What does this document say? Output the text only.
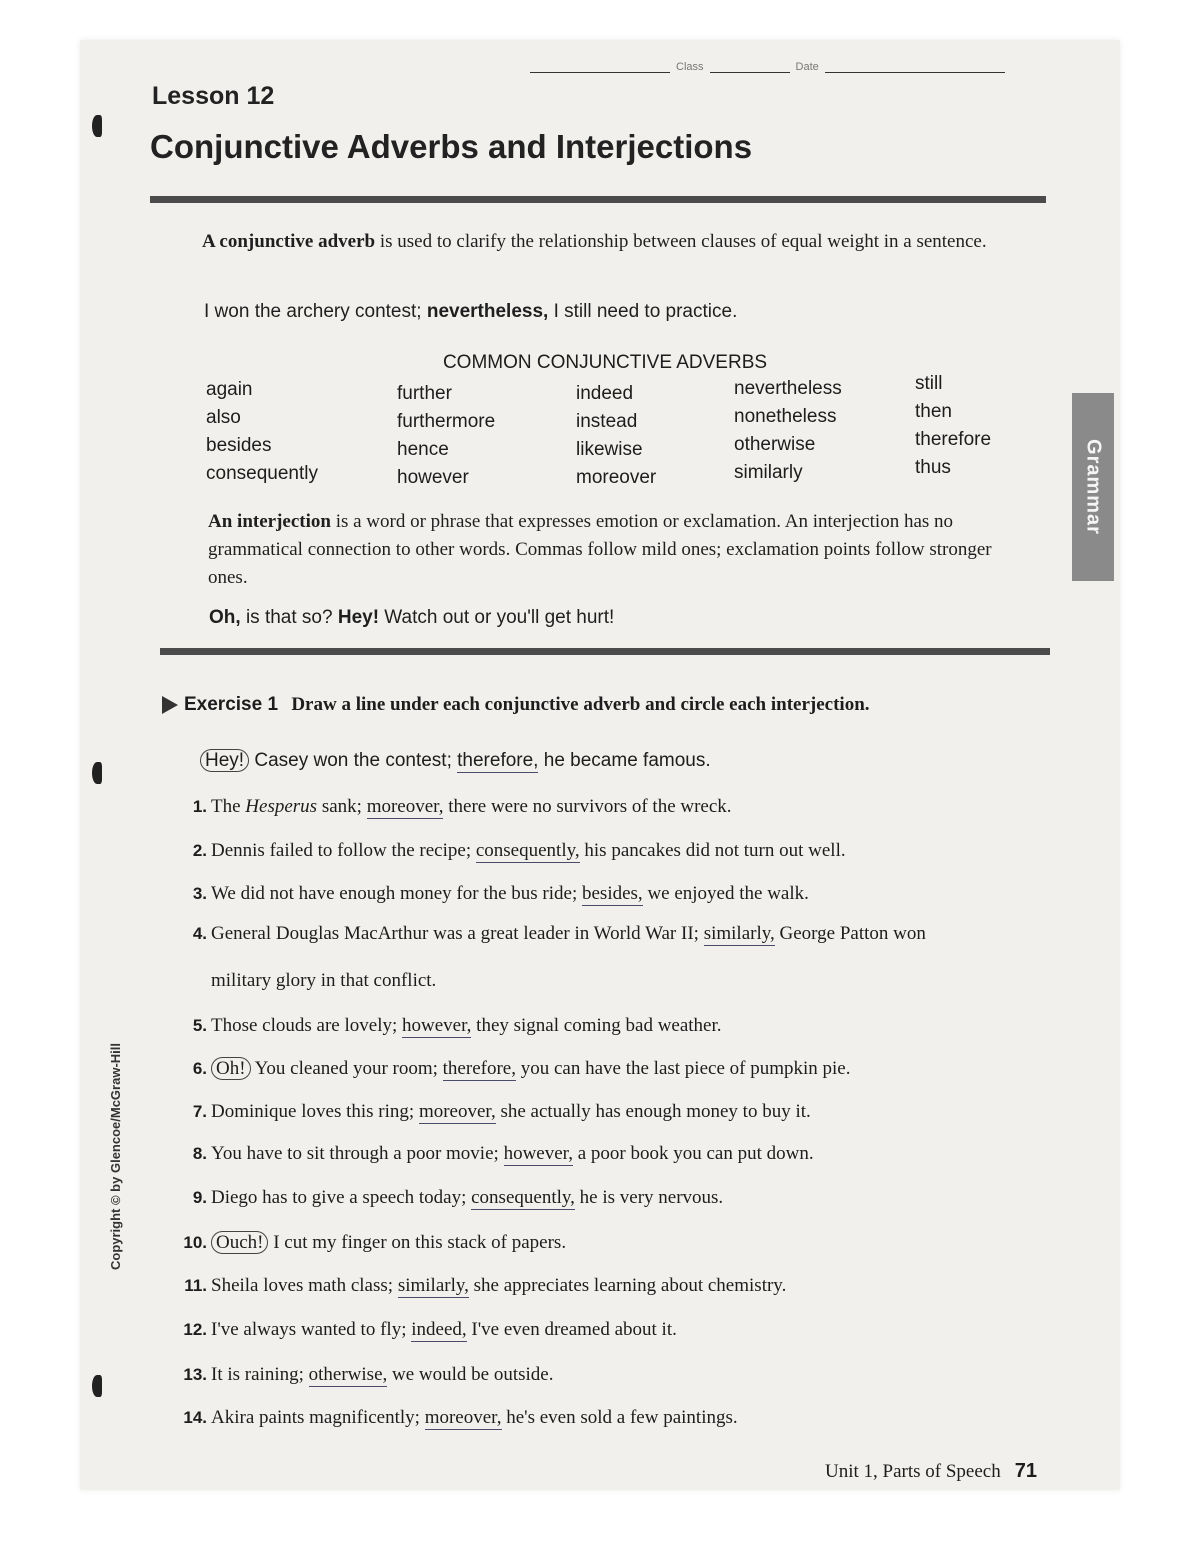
Class	Date
Lesson 12
Conjunctive Adverbs and Interjections
A conjunctive adverb is used to clarify the relationship between clauses of equal weight in a sentence.
I won the archery contest; nevertheless, I still need to practice.
COMMON CONJUNCTIVE ADVERBS
again
also
besides
consequently
further
furthermore
hence
however
indeed
instead
likewise
moreover
nevertheless
nonetheless
otherwise
similarly
still
then
therefore
thus	Grammar
An interjection is a word or phrase that expresses emotion or exclamation. An interjection has no grammatical connection to other words. Commas follow mild ones; exclamation points follow stronger ones.
Oh, is that so? Hey! Watch out or you'll get hurt!
Exercise 1 Draw a line under each conjunctive adverb and circle each interjection.
Hey! Casey won the contest; therefore, he became famous.
1. The Hesperus sank; moreover, there were no survivors of the wreck.
2. Dennis failed to follow the recipe; consequently, his pancakes did not turn out well.
3. We did not have enough money for the bus ride; besides, we enjoyed the walk.
4. General Douglas MacArthur was a great leader in World War II; similarly, George Patton won
military glory in that conflict.
5. Those clouds are lovely; however, they signal coming bad weather.
6. Oh! You cleaned your room; therefore, you can have the last piece of pumpkin pie.
7. Dominique loves this ring; moreover, she actually has enough money to buy it.
8. You have to sit through a poor movie; however, a poor book you can put down.
9. Diego has to give a speech today; consequently, he is very nervous.
10. Ouch! I cut my finger on this stack of papers.
11. Sheila loves math class; similarly, she appreciates learning about chemistry.
12. I've always wanted to fly; indeed, I've even dreamed about it.
13. It is raining; otherwise, we would be outside.
14. Akira paints magnificently; moreover, he's even sold a few paintings.
Copyright © by Glencoe/McGraw-Hill
Unit 1, Parts of Speech 71
